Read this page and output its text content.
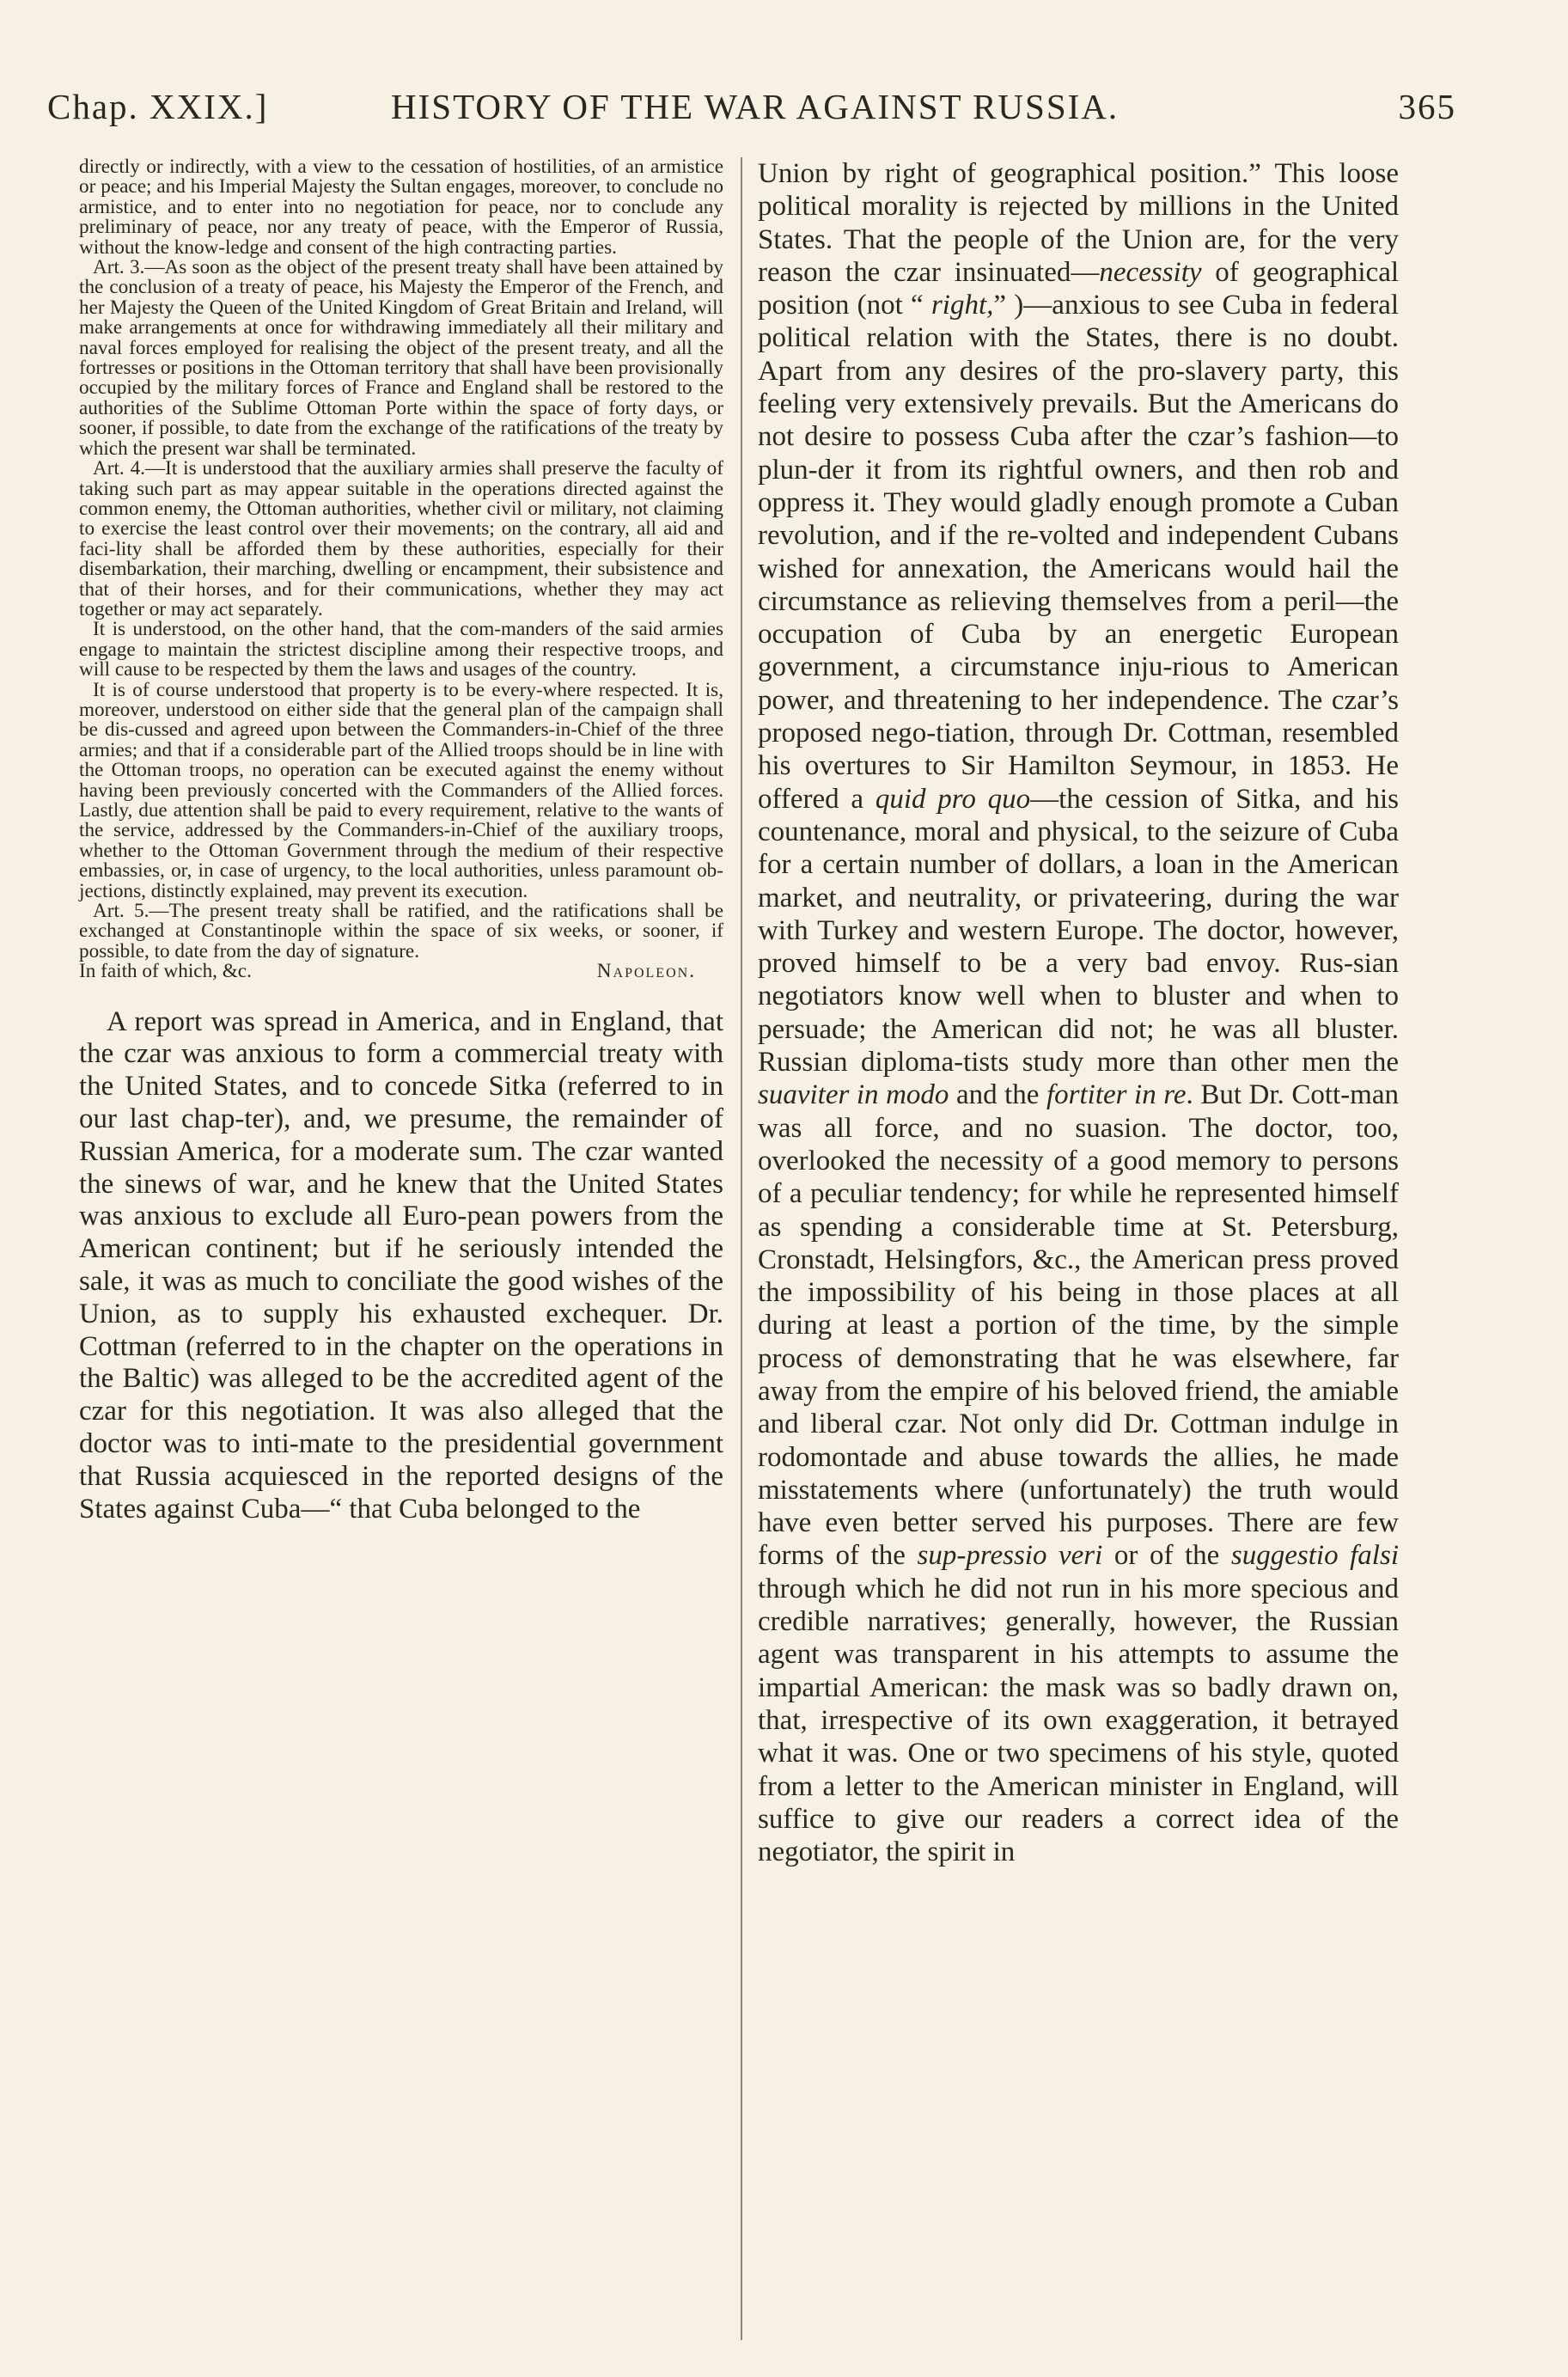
Chap. XXIX.]	HISTORY OF THE WAR AGAINST RUSSIA.	365

directly or indirectly, with a view to the cessation of hostilities, of an armistice or peace; and his Imperial Majesty the Sultan engages, moreover, to conclude no armistice, and to enter into no negotiation for peace, nor to conclude any preliminary of peace, nor any treaty of peace, with the Emperor of Russia, without the know-ledge and consent of the high contracting parties.

Art. 3.—As soon as the object of the present treaty shall have been attained by the conclusion of a treaty of peace, his Majesty the Emperor of the French, and her Majesty the Queen of the United Kingdom of Great Britain and Ireland, will make arrangements at once for withdrawing immediately all their military and naval forces employed for realising the object of the present treaty, and all the fortresses or positions in the Ottoman territory that shall have been provisionally occupied by the military forces of France and England shall be restored to the authorities of the Sublime Ottoman Porte within the space of forty days, or sooner, if possible, to date from the exchange of the ratifications of the treaty by which the present war shall be terminated.

Art. 4.—It is understood that the auxiliary armies shall preserve the faculty of taking such part as may appear suitable in the operations directed against the common enemy, the Ottoman authorities, whether civil or military, not claiming to exercise the least control over their movements; on the contrary, all aid and faci-lity shall be afforded them by these authorities, especially for their disembarkation, their marching, dwelling or encampment, their subsistence and that of their horses, and for their communications, whether they may act together or may act separately.

It is understood, on the other hand, that the com-manders of the said armies engage to maintain the strictest discipline among their respective troops, and will cause to be respected by them the laws and usages of the country.

It is of course understood that property is to be every-where respected. It is, moreover, understood on either side that the general plan of the campaign shall be dis-cussed and agreed upon between the Commanders-in-Chief of the three armies; and that if a considerable part of the Allied troops should be in line with the Ottoman troops, no operation can be executed against the enemy without having been previously concerted with the Commanders of the Allied forces. Lastly, due attention shall be paid to every requirement, relative to the wants of the service, addressed by the Commanders-in-Chief of the auxiliary troops, whether to the Ottoman Government through the medium of their respective embassies, or, in case of urgency, to the local authorities, unless paramount ob-jections, distinctly explained, may prevent its execution.

Art. 5.—The present treaty shall be ratified, and the ratifications shall be exchanged at Constantinople within the space of six weeks, or sooner, if possible, to date from the day of signature.

In faith of which, &c.	Napoleon.

A report was spread in America, and in England, that the czar was anxious to form a commercial treaty with the United States, and to concede Sitka (referred to in our last chap-ter), and, we presume, the remainder of Russian America, for a moderate sum. The czar wanted the sinews of war, and he knew that the United States was anxious to exclude all Euro-pean powers from the American continent; but if he seriously intended the sale, it was as much to conciliate the good wishes of the Union, as to supply his exhausted exchequer. Dr. Cottman (referred to in the chapter on the operations in the Baltic) was alleged to be the accredited agent of the czar for this negotiation. It was also alleged that the doctor was to inti-mate to the presidential government that Russia acquiesced in the reported designs of the States against Cuba—“ that Cuba belonged to the

Union by right of geographical position.” This loose political morality is rejected by millions in the United States. That the people of the Union are, for the very reason the czar insinuated—necessity of geographical position (not “ right,” )—anxious to see Cuba in federal political relation with the States, there is no doubt. Apart from any desires of the pro-slavery party, this feeling very extensively prevails. But the Americans do not desire to possess Cuba after the czar’s fashion—to plun-der it from its rightful owners, and then rob and oppress it. They would gladly enough promote a Cuban revolution, and if the re-volted and independent Cubans wished for annexation, the Americans would hail the circumstance as relieving themselves from a peril—the occupation of Cuba by an energetic European government, a circumstance inju-rious to American power, and threatening to her independence. The czar’s proposed nego-tiation, through Dr. Cottman, resembled his overtures to Sir Hamilton Seymour, in 1853. He offered a quid pro quo—the cession of Sitka, and his countenance, moral and physical, to the seizure of Cuba for a certain number of dollars, a loan in the American market, and neutrality, or privateering, during the war with Turkey and western Europe. The doctor, however, proved himself to be a very bad envoy. Rus-sian negotiators know well when to bluster and when to persuade; the American did not; he was all bluster. Russian diploma-tists study more than other men the suaviter in modo and the fortiter in re. But Dr. Cott-man was all force, and no suasion. The doctor, too, overlooked the necessity of a good memory to persons of a peculiar tendency; for while he represented himself as spending a considerable time at St. Petersburg, Cronstadt, Helsingfors, &c., the American press proved the impossibility of his being in those places at all during at least a portion of the time, by the simple process of demonstrating that he was elsewhere, far away from the empire of his beloved friend, the amiable and liberal czar. Not only did Dr. Cottman indulge in rodomontade and abuse towards the allies, he made misstatements where (unfortunately) the truth would have even better served his purposes. There are few forms of the sup-pressio veri or of the suggestio falsi through which he did not run in his more specious and credible narratives; generally, however, the Russian agent was transparent in his attempts to assume the impartial American: the mask was so badly drawn on, that, irrespective of its own exaggeration, it betrayed what it was. One or two specimens of his style, quoted from a letter to the American minister in England, will suffice to give our readers a correct idea of the negotiator, the spirit in
